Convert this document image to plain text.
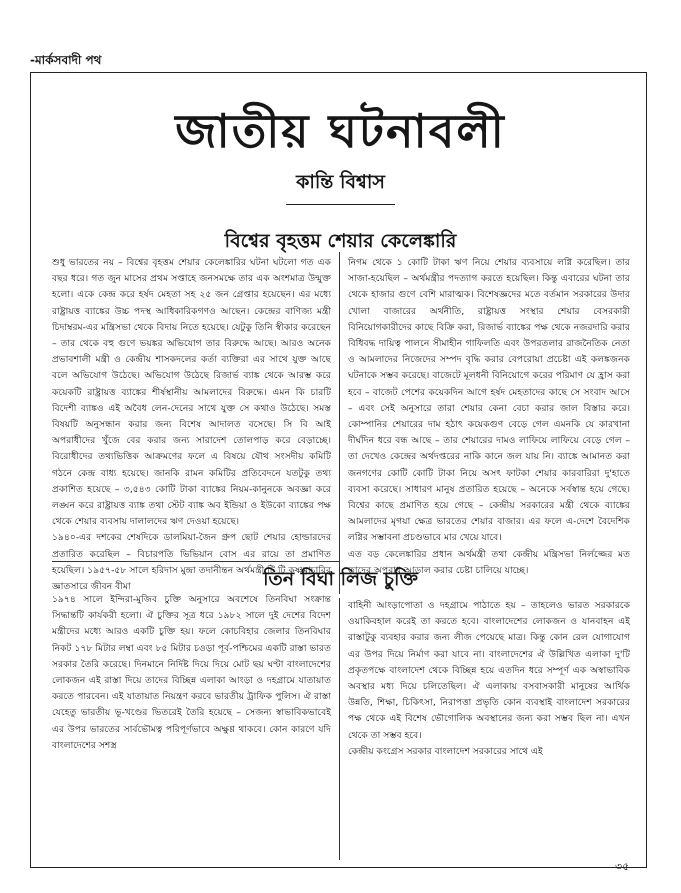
-মার্কসবাদী পথ
জাতীয় ঘটনাবলী
কান্তি বিশ্বাস
বিশ্বের বৃহত্তম শেয়ার কেলেঙ্কারি

শুধু ভারতের নয় – বিশ্বের বৃহত্তম শেয়ার কেলেঙ্কারির ঘটনা ঘটলো গত এক বছর ধরে। গত জুন মাসের প্রথম সপ্তাহে জনসমক্ষে তার এক অংশমাত্র উন্মুক্ত হলো। একে কেন্দ্র করে হর্ষদ মেহতা সহ ২৫ জন গ্রেপ্তার হয়েছেন। এর মধ্যে রাষ্ট্রায়ত্ত ব্যাঙ্কের উচ্চ পদস্থ আধিকারিকগণও আছেন। কেন্দ্রের বাণিজ্য মন্ত্রী চিদাম্বরম-এর মন্ত্রিসভা থেকে বিদায় নিতে হয়েছে। যেটুকু তিনি স্বীকার করেছেন – তার থেকে বহু গুণে ভয়ঙ্কর অভিযোগ তার বিরুদ্ধে আছে। আরও অনেক প্রভাবশালী মন্ত্রী ও কেন্দ্রীয় শাসকদলের কর্তা ব্যক্তিরা এর সাথে যুক্ত আছে বলে অভিযোগ উঠেছে। অভিযোগ উঠেছে রিজার্ভ ব্যাঙ্ক থেকে আরম্ভ করে কয়েকটি রাষ্ট্রায়ত্ত ব্যাঙ্কের শীর্ষস্থানীয় আমলাদের বিরুদ্ধে। এমন কি চারটি বিদেশী ব্যাঙ্কও এই অবৈধ লেন-দেনের সাথে যুক্ত সে কথাও উঠেছে। সমস্ত বিষয়টি অনুসন্ধান করার জন্য বিশেষ আদালত বসেছে। সি বি আই অপরাধীদের খুঁজে বের করার জন্য সারাদেশ তোলপাড় করে বেড়াচ্ছে। বিরোধীদের তথ্যভিত্তিক আক্রমণের ফলে এ বিষয়ে যৌথ সংসদীয় কমিটি গঠনে কেন্দ্র বাধ্য হয়েছে। জানকি রামন কমিটির প্রতিবেদনে যতটুকু তথ্য প্রকাশিত হয়েছে – ৩,৫৪৩ কোটি টাকা ব্যাঙ্কের নিয়ম-কানুনকে অবজ্ঞা করে লঙ্ঘন করে রাষ্ট্রায়ত্ত ব্যাঙ্ক তথা স্টেট ব্যাঙ্ক অব ইন্ডিয়া ও ইউকো ব্যাঙ্কের পক্ষ থেকে শেয়ার ব্যবসায় দালালদের ঋণ দেওয়া হয়েছে।
১৯৪০-এর দশকের শেষদিকে ডালমিয়া-জৈন গ্রুপ ছোট শেয়ার হোল্ডারদের প্রতারিত করেছিল – বিচারপতি ভিভিয়ান বোস এর রায়ে তা প্রমাণিত হয়েছিল। ১৯৫৭-৫৮ সালে হরিদাস মুন্দ্রা তদানীন্তন অর্থমন্ত্রী টি টি কৃষ্ণমাচারির জ্ঞাতসারে জীবন বীমা

নিগম থেকে ১ কোটি টাকা ঋণ নিয়ে শেয়ার ব্যবসায়ে লগ্নি করেছিল। তার সাজা-হয়েছিল – অর্থমন্ত্রীর পদত্যাগ করতে হয়েছিল। কিন্তু এবারের ঘটনা তার থেকে হাজার গুণে বেশি মারাত্মক। বিশেষজ্ঞদের মতে বর্তমান সরকারের উদার খোলা বাজারের অর্থনীতি, রাষ্ট্রায়ত্ত সংস্থার শেয়ার বেসরকারী বিনিয়োগকারীদের কাছে বিক্রি করা, রিজার্ভ ব্যাঙ্কের পক্ষ থেকে নজরদারি করার বিধিবদ্ধ দায়িত্ব পালনে সীমাহীন গাফিলতি এবং উপরতলার রাজনৈতিক নেতা ও আমলাদের নিজেদের সম্পদ বৃদ্ধি করার বেপরোয়া প্রচেষ্টা এই কলঙ্কজনক ঘটনাকে সম্ভব করেছে। বাজেটে মূলধনী বিনিয়োগে করের পরিমাণ যে হ্রাস করা হবে – বাজেট পেশের কয়েকদিন আগে হর্ষদ মেহতাদের কাছে সে সংবাদ আসে – এবং সেই অনুসারে তারা শেয়ার কেনা বেচা করার জাল বিস্তার করে। কোম্পানির শেয়ারের দাম হঠাৎ কয়েকগুণ বেড়ে গেল এমনকি যে কারখানা দীর্ঘদিন ধরে বন্ধ আছে – তার শেয়ারের দামও লাফিয়ে লাফিয়ে বেড়ে গেল – তা দেখেও কেন্দ্রের অর্থদপ্তরের নাকি কানে জল যায় নি। ব্যাঙ্কে আমানত করা জনগণের কোটি কোটি টাকা নিয়ে অসৎ ফাটকা শেয়ার কারবারিরা দু'হাতে ব্যবসা করেছে। সাধারণ মানুষ প্রতারিত হয়েছে – অনেকে সর্বস্বান্ত হয়ে গেছে। বিশ্বের কাছে প্রমাণিত হয়ে গেছে – কেন্দ্রীয় সরকারের মন্ত্রী থেকে ব্যাঙ্কের আমলাদের মৃগয়া ক্ষেত্র ভারতের শেয়ার বাজার। এর ফলে এ-দেশে বৈদেশিক লগ্নির সম্ভাবনা প্রচণ্ডভাবে মার খেয়ে যাবে।
এত বড় কেলেঙ্কারির প্রধান অর্থমন্ত্রী তথা কেন্দ্রীয় মন্ত্রিসভা নির্লজ্জের মত তাদের অপরাধ আড়াল করার চেষ্টা চালিয়ে যাচ্ছে।

তিন বিঘা লিজ চুক্তি

১৯৭৪ সালে ইন্দিরা-মুজিব চুক্তি অনুসারে অবশেষে তিনবিঘা সংক্রান্ত সিদ্ধান্তটি কার্যকরী হলো। ঐ চুক্তির সূত্র ধরে ১৯৮২ সালে দুই দেশের বিদেশ মন্ত্রীদের মধ্যে আরও একটি চুক্তি হয়। ফলে কোচবিহার জেলার তিনবিঘার নিকট ১৭৮ মিটার লম্বা এবং ৮৫ মিটার চওড়া পূর্ব-পশ্চিমের একটি রাস্তা ভারত সরকার তৈরি করেছে। দিনমানে নির্দিষ্ট দিয়ে দিয়ে মোট ছয় ঘণ্টা বাংলাদেশের লোকজন এই রাস্তা দিয়ে তাদের বিচ্ছিন্ন এলাকা আংড়া ও দহগ্রামে যাতায়াত করতে পারবেন। এই যাতায়াত নিয়ন্ত্রণ করবে ভারতীয় ট্রাফিক পুলিস। ঐ রাস্তা যেহেতু ভারতীয় ভূ-খণ্ডের ভিতরেই তৈরি হয়েছে – সেজন্য স্বাভাবিকভাবেই এর উপর ভারতের সার্বভৌমত্ব পরিপূর্ণভাবে অক্ষুণ্ণ থাকবে। কোন কারণে যদি বাংলাদেশের সশস্ত্র

বাহিনী আংড়াপোতা ও দহগ্রামে পাঠাতে হয় – তাহলেও ভারত সরকারকে ওয়াকিবহাল করেই তা করতে হবে। বাংলাদেশের লোকজন ও যানবাহন এই রাস্তাটুকু ব্যবহার করার জন্য লীজ পেয়েছে মাত্র। কিন্তু কোন রেল যোগাযোগ এর উপর দিয়ে নির্মাণ করা যাবে না। বাংলাদেশের ঐ উল্লিখিত এলাকা দু'টি প্রকৃতপক্ষে বাংলাদেশ থেকে বিচ্ছিন্ন হয়ে এতদিন ধরে সম্পূর্ণ এক অস্বাভাবিক অবস্থার মধ্য দিয়ে চলিতেছিল। ঐ এলাকায় বসবাসকারী মানুষের আর্থিক উন্নতি, শিক্ষা, চিকিৎসা, নিরাপত্তা প্রভৃতি কোন ব্যবস্থাই বাংলাদেশ সরকারের পক্ষ থেকে এই বিশেষ ভৌগোলিক অবস্থানের জন্য করা সম্ভব ছিল না। এখন থেকে তা সম্ভব হবে।
কেন্দ্রীয় কংগ্রেস সরকার বাংলাদেশ সরকারের সাথে এই

৩৫
